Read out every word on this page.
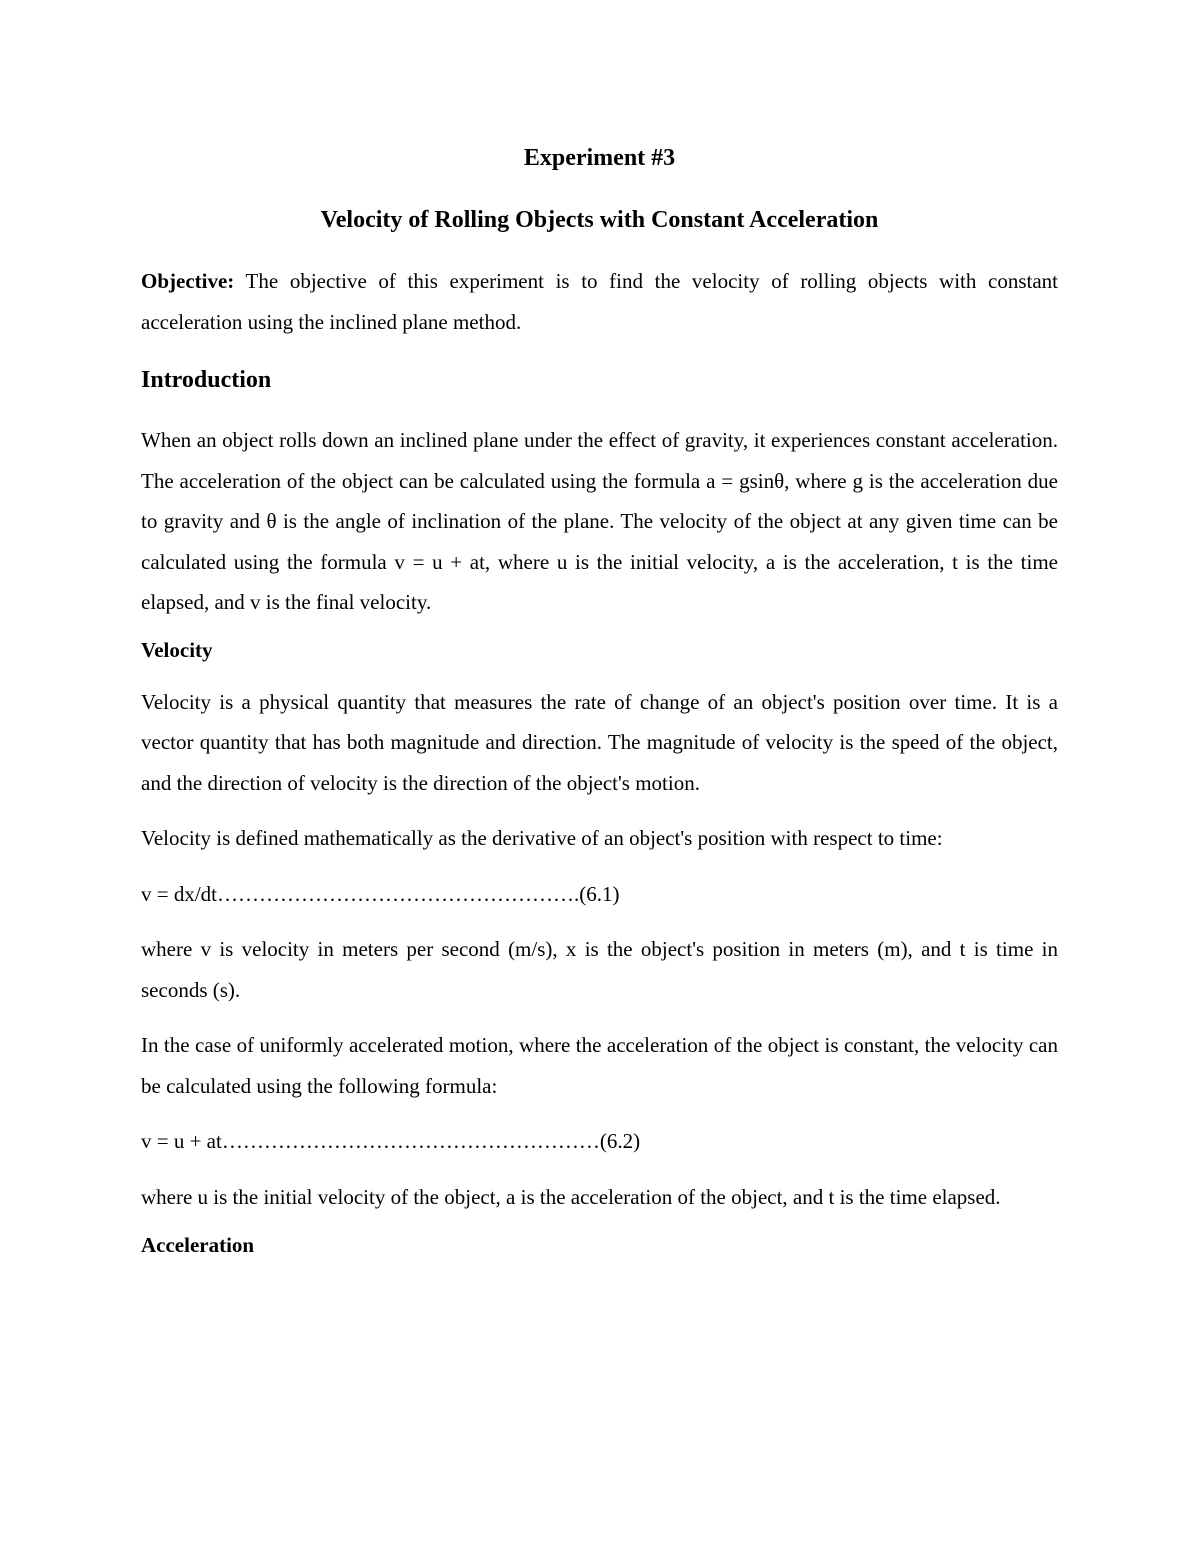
Experiment #3

Velocity of Rolling Objects with Constant Acceleration

Objective: The objective of this experiment is to find the velocity of rolling objects with constant acceleration using the inclined plane method.

Introduction

When an object rolls down an inclined plane under the effect of gravity, it experiences constant acceleration. The acceleration of the object can be calculated using the formula a = gsinθ, where g is the acceleration due to gravity and θ is the angle of inclination of the plane. The velocity of the object at any given time can be calculated using the formula v = u + at, where u is the initial velocity, a is the acceleration, t is the time elapsed, and v is the final velocity.

Velocity

Velocity is a physical quantity that measures the rate of change of an object's position over time. It is a vector quantity that has both magnitude and direction. The magnitude of velocity is the speed of the object, and the direction of velocity is the direction of the object's motion.

Velocity is defined mathematically as the derivative of an object's position with respect to time:

v = dx/dt…………………………………………….(6.1)

where v is velocity in meters per second (m/s), x is the object's position in meters (m), and t is time in seconds (s).

In the case of uniformly accelerated motion, where the acceleration of the object is constant, the velocity can be calculated using the following formula:

v = u + at………………………………………………(6.2)

where u is the initial velocity of the object, a is the acceleration of the object, and t is the time elapsed.

Acceleration
